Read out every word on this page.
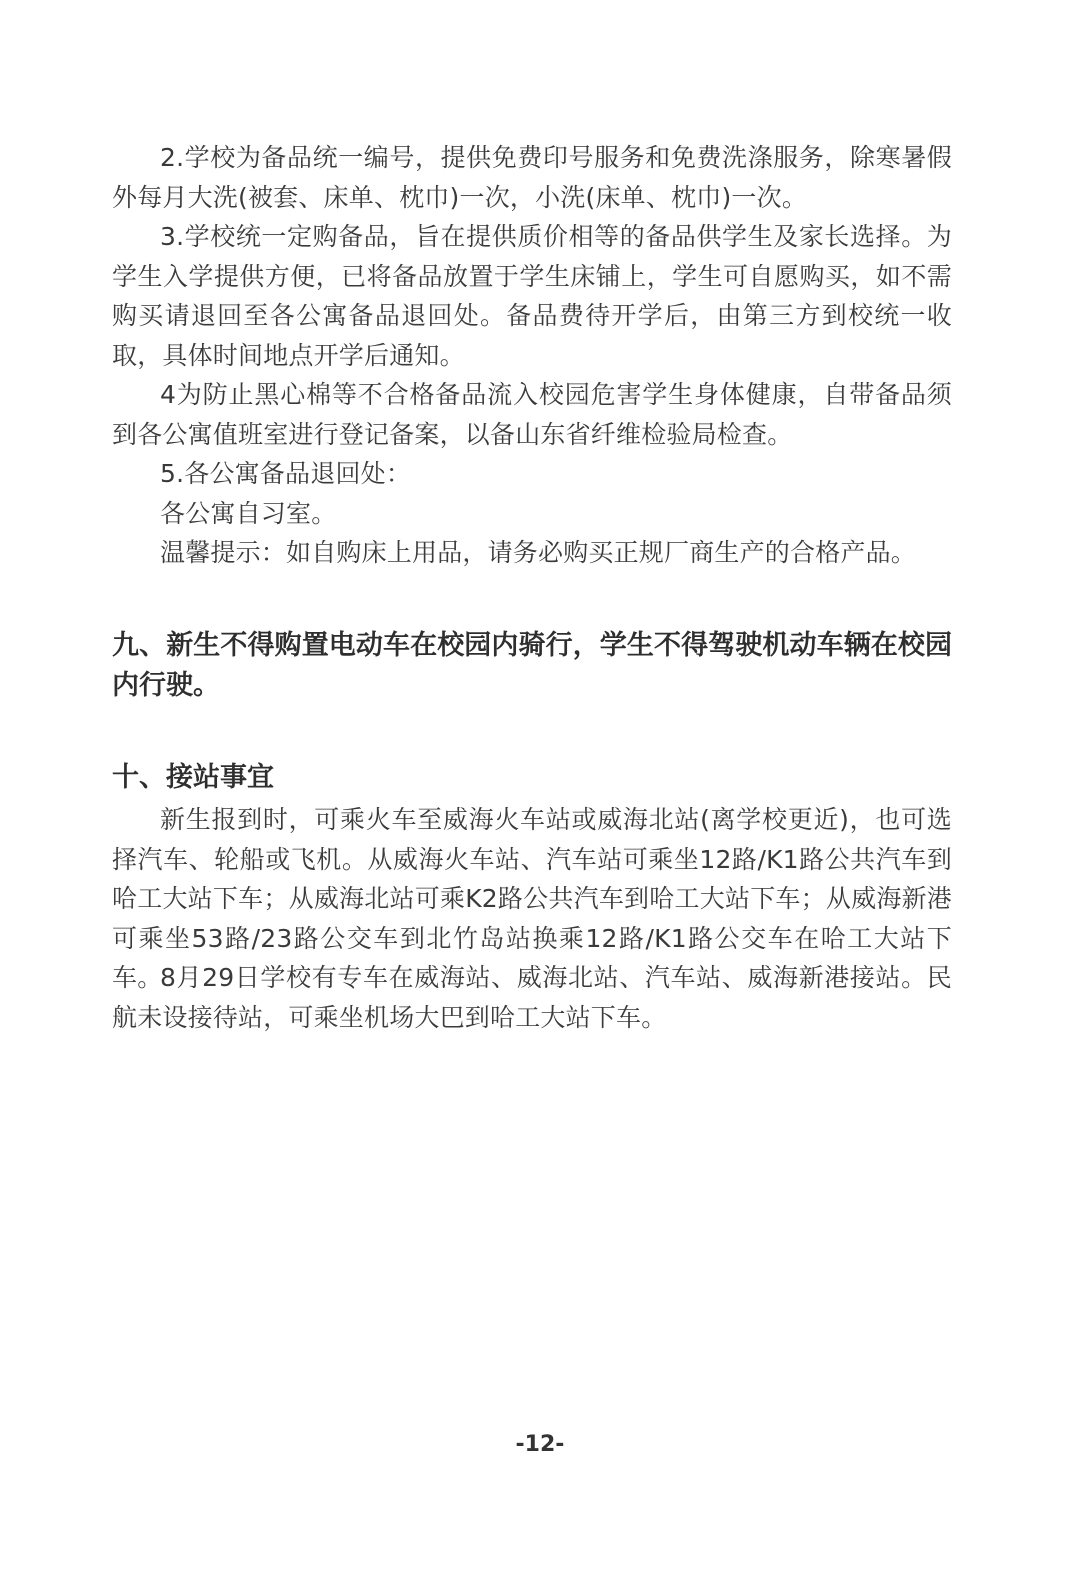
2.学校为备品统一编号，提供免费印号服务和免费洗涤服务，除寒暑假外每月大洗(被套、床单、枕巾)一次，小洗(床单、枕巾)一次。

3.学校统一定购备品，旨在提供质价相等的备品供学生及家长选择。为学生入学提供方便，已将备品放置于学生床铺上，学生可自愿购买，如不需购买请退回至各公寓备品退回处。备品费待开学后，由第三方到校统一收取，具体时间地点开学后通知。

4为防止黑心棉等不合格备品流入校园危害学生身体健康，自带备品须到各公寓值班室进行登记备案，以备山东省纤维检验局检查。

5.各公寓备品退回处：

各公寓自习室。

温馨提示：如自购床上用品，请务必购买正规厂商生产的合格产品。

九、新生不得购置电动车在校园内骑行，学生不得驾驶机动车辆在校园内行驶。
十、接站事宜

新生报到时，可乘火车至威海火车站或威海北站(离学校更近)，也可选择汽车、轮船或飞机。从威海火车站、汽车站可乘坐12路/K1路公共汽车到哈工大站下车；从威海北站可乘K2路公共汽车到哈工大站下车；从威海新港可乘坐53路/23路公交车到北竹岛站换乘12路/K1路公交车在哈工大站下车。

8月29日学校有专车在威海站、威海北站、汽车站、威海新港接站。民航未设接待站，可乘坐机场大巴到哈工大站下车。

-12-
